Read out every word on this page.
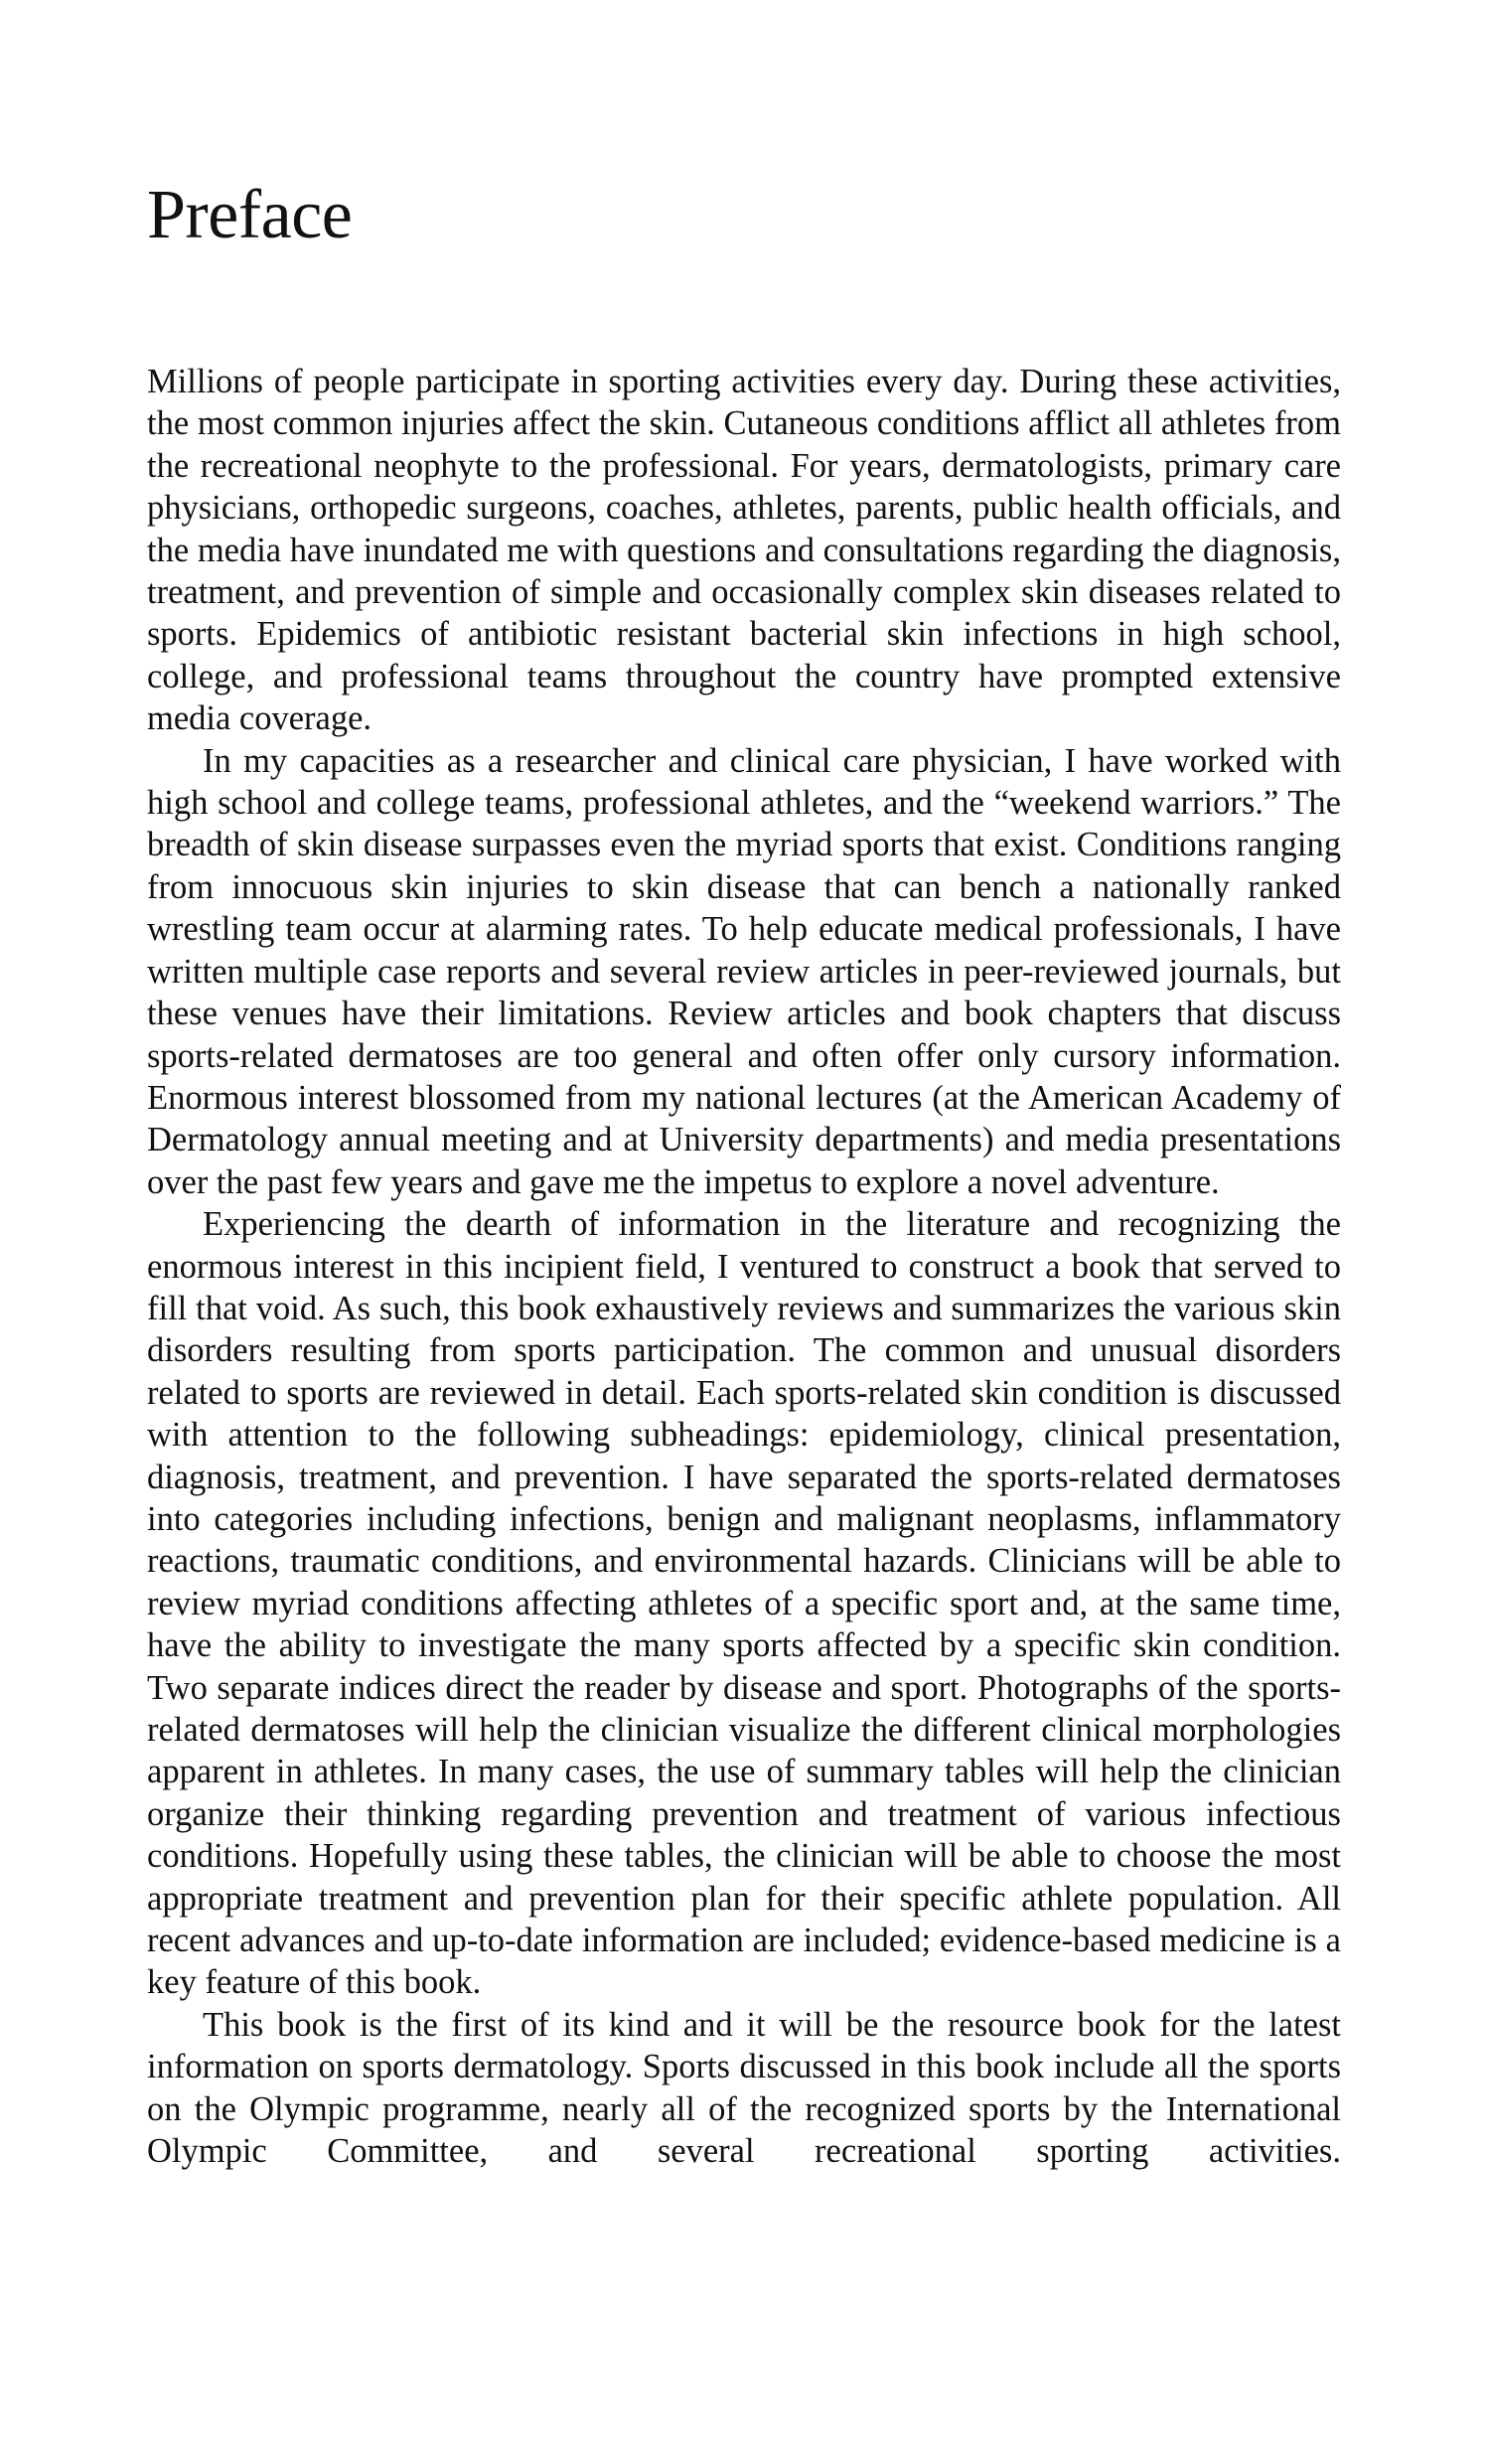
Preface

Millions of people participate in sporting activities every day. During these activities, the most common injuries affect the skin. Cutaneous conditions afflict all athletes from the recreational neophyte to the professional. For years, dermatologists, primary care physicians, orthopedic surgeons, coaches, athletes, parents, public health officials, and the media have inundated me with questions and consultations regarding the diagnosis, treatment, and prevention of simple and occasionally complex skin diseases related to sports. Epidemics of antibiotic resistant bacterial skin infections in high school, college, and professional teams throughout the country have prompted extensive media coverage.

In my capacities as a researcher and clinical care physician, I have worked with high school and college teams, professional athletes, and the “weekend warriors.” The breadth of skin disease surpasses even the myriad sports that exist. Conditions ranging from innocuous skin injuries to skin disease that can bench a nationally ranked wrestling team occur at alarming rates. To help educate medical professionals, I have written multiple case reports and several review articles in peer-reviewed journals, but these venues have their limitations. Review articles and book chapters that discuss sports-related dermatoses are too general and often offer only cursory information. Enormous interest blossomed from my national lectures (at the American Academy of Dermatology annual meeting and at University departments) and media presentations over the past few years and gave me the impetus to explore a novel adventure.

Experiencing the dearth of information in the literature and recognizing the enormous interest in this incipient field, I ventured to construct a book that served to fill that void. As such, this book exhaustively reviews and summarizes the various skin disorders resulting from sports participation. The common and unusual disorders related to sports are reviewed in detail. Each sports-related skin condition is discussed with attention to the following subheadings: epidemiology, clinical presentation, diagnosis, treatment, and prevention. I have separated the sports-related dermatoses into categories including infections, benign and malignant neoplasms, inflammatory reactions, traumatic conditions, and environmental hazards. Clinicians will be able to review myriad conditions affecting athletes of a specific sport and, at the same time, have the ability to investigate the many sports affected by a specific skin condition. Two separate indices direct the reader by disease and sport. Photographs of the sports-related dermatoses will help the clinician visualize the different clinical morphologies apparent in athletes. In many cases, the use of summary tables will help the clinician organize their thinking regarding prevention and treatment of various infectious conditions. Hopefully using these tables, the clinician will be able to choose the most appropriate treatment and prevention plan for their specific athlete population. All recent advances and up-to-date information are included; evidence-based medicine is a key feature of this book.

This book is the first of its kind and it will be the resource book for the latest information on sports dermatology. Sports discussed in this book include all the sports on the Olympic programme, nearly all of the recognized sports by the International Olympic Committee, and several recreational sporting activities.
